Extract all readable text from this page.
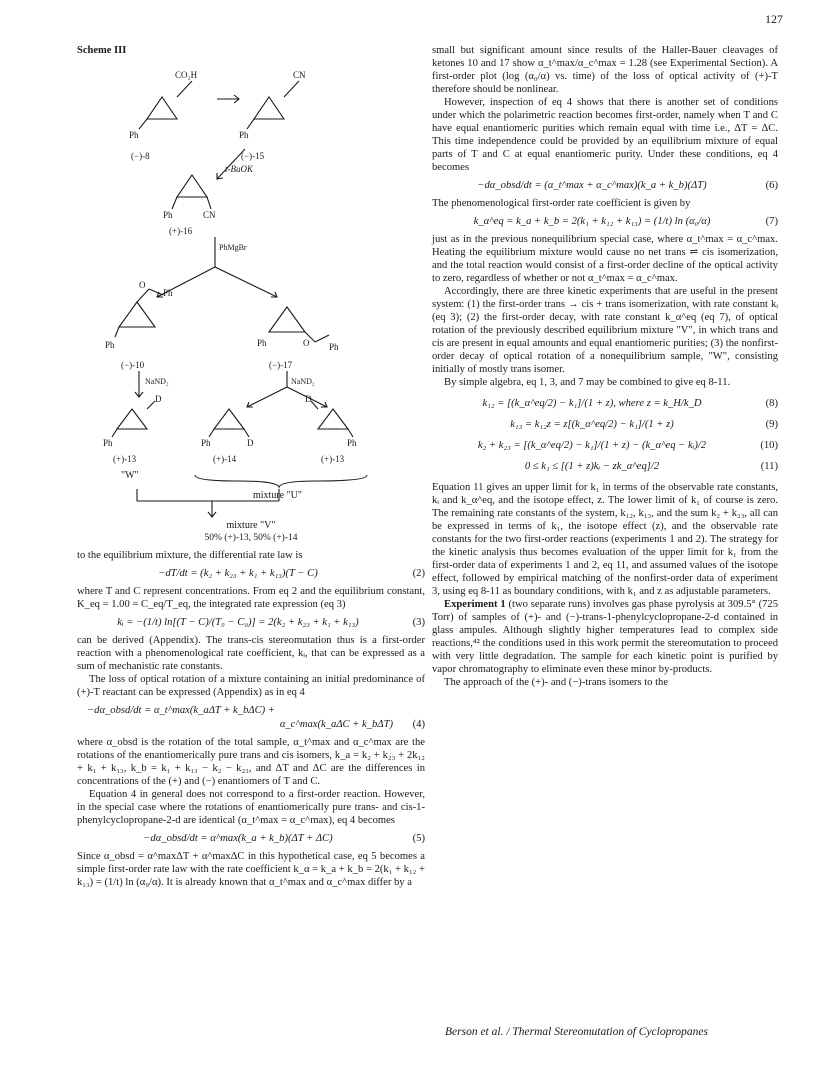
127
Scheme III
CO₂H	CN
Ph	Ph
(−)-8	(−)-15
t-BuOK
Ph	CN
(+)-16
PhMgBr
O
Ph
Ph
(−)-10
Ph	O Ph
(−)-17
NaND₂	NaND₂
D
Ph
(+)-13
Ph	D
(+)-14
D
Ph
(+)-13
"W"
mixture "U"
mixture "V"
50% (+)-13, 50% (+)-14

to the equilibrium mixture, the differential rate law is

−dT/dt = (k₂ + k₂₃ + k₁ + k₁₃)(T − C)	(2)

where T and C represent concentrations. From eq 2 and the equilibrium constant, K_eq = 1.00 = C_eq/T_eq, the integrated rate expression (eq 3)

kᵢ = −(1/t) ln[(T − C)/(T₀ − C₀)] = 2(k₂ + k₂₃ + k₁ + k₁₃)	(3)

can be derived (Appendix). The trans-cis stereomutation thus is a first-order reaction with a phenomenological rate coefficient, kᵢ, that can be expressed as a sum of mechanistic rate constants.

The loss of optical rotation of a mixture containing an initial predominance of (+)-T reactant can be expressed (Appendix) as in eq 4

−dα_obsd/dt = α_t^max(k_aΔT + k_bΔC) +
α_c^max(k_aΔC + k_bΔT)	(4)

where α_obsd is the rotation of the total sample, α_t^max and α_c^max are the rotations of the enantiomerically pure trans and cis isomers, k_a = k₂ + k₂₃ + 2k₁₂ + k₁ + k₁₃, k_b = k₁ + k₁₃ − k₂ − k₂₃, and ΔT and ΔC are the differences in concentrations of the (+) and (−) enantiomers of T and C.

Equation 4 in general does not correspond to a first-order reaction. However, in the special case where the rotations of enantiomerically pure trans- and cis-1-phenylcyclopropane-2-d are identical (α_t^max = α_c^max), eq 4 becomes

−dα_obsd/dt = α^max(k_a + k_b)(ΔT + ΔC)	(5)

Since α_obsd = α^maxΔT + α^maxΔC in this hypothetical case, eq 5 becomes a simple first-order rate law with the rate coefficient k_α = k_a + k_b = 2(k₁ + k₁₂ + k₁₃) = (1/t) ln (α₀/α). It is already known that α_t^max and α_c^max differ by a

small but significant amount since results of the Haller-Bauer cleavages of ketones 10 and 17 show α_t^max/α_c^max = 1.28 (see Experimental Section). A first-order plot (log (α₀/α) vs. time) of the loss of optical activity of (+)-T therefore should be nonlinear.

However, inspection of eq 4 shows that there is another set of conditions under which the polarimetric reaction becomes first-order, namely when T and C have equal enantiomeric purities which remain equal with time i.e., ΔT = ΔC. This time independence could be provided by an equilibrium mixture of equal parts of T and C at equal enantiomeric purity. Under these conditions, eq 4 becomes

−dα_obsd/dt = (α_t^max + α_c^max)(k_a + k_b)(ΔT)	(6)

The phenomenological first-order rate coefficient is given by

k_α^eq = k_a + k_b = 2(k₁ + k₁₂ + k₁₃) = (1/t) ln (α₀/α)	(7)

just as in the previous nonequilibrium special case, where α_t^max = α_c^max. Heating the equilibrium mixture would cause no net trans ⇌ cis isomerization, and the total reaction would consist of a first-order decline of the optical activity to zero, regardless of whether or not α_t^max = α_c^max.

Accordingly, there are three kinetic experiments that are useful in the present system: (1) the first-order trans → cis + trans isomerization, with rate constant kᵢ (eq 3); (2) the first-order decay, with rate constant k_α^eq (eq 7), of optical rotation of the previously described equilibrium mixture "V", in which trans and cis are present in equal amounts and equal enantiomeric purities; (3) the nonfirst-order decay of optical rotation of a nonequilibrium sample, "W", consisting initially of mostly trans isomer.

By simple algebra, eq 1, 3, and 7 may be combined to give eq 8-11.

k₁₂ = [(k_α^eq/2) − k₁]/(1 + z), where z = k_H/k_D	(8)
k₁₃ = k₁₂z = z[(k_α^eq/2) − k₁]/(1 + z)	(9)
k₂ + k₂₃ = [(k_α^eq/2) − k₁]/(1 + z) − (k_α^eq − kᵢ)/2	(10)
0 ≤ k₁ ≤ [(1 + z)kᵢ − zk_α^eq]/2	(11)

Equation 11 gives an upper limit for k₁ in terms of the observable rate constants, kᵢ and k_α^eq, and the isotope effect, z. The lower limit of k₁ of course is zero. The remaining rate constants of the system, k₁₂, k₁₃, and the sum k₂ + k₂₃, all can be expressed in terms of k₁, the isotope effect (z), and the observable rate constants for the two first-order reactions (experiments 1 and 2). The strategy for the kinetic analysis thus becomes evaluation of the upper limit for k₁ from the first-order data of experiments 1 and 2, eq 11, and assumed values of the isotope effect, followed by empirical matching of the nonfirst-order data of experiment 3, using eq 8-11 as boundary conditions, with k₁ and z as adjustable parameters.

Experiment 1 (two separate runs) involves gas phase pyrolysis at 309.5° (725 Torr) of samples of (+)- and (−)-trans-1-phenylcyclopropane-2-d contained in glass ampules. Although slightly higher temperatures lead to complex side reactions,⁴² the conditions used in this work permit the stereomutation to proceed with very little degradation. The sample for each kinetic point is purified by vapor chromatography to eliminate even these minor by-products.

The approach of the (+)- and (−)-trans isomers to the

Berson et al. / Thermal Stereomutation of Cyclopropanes
